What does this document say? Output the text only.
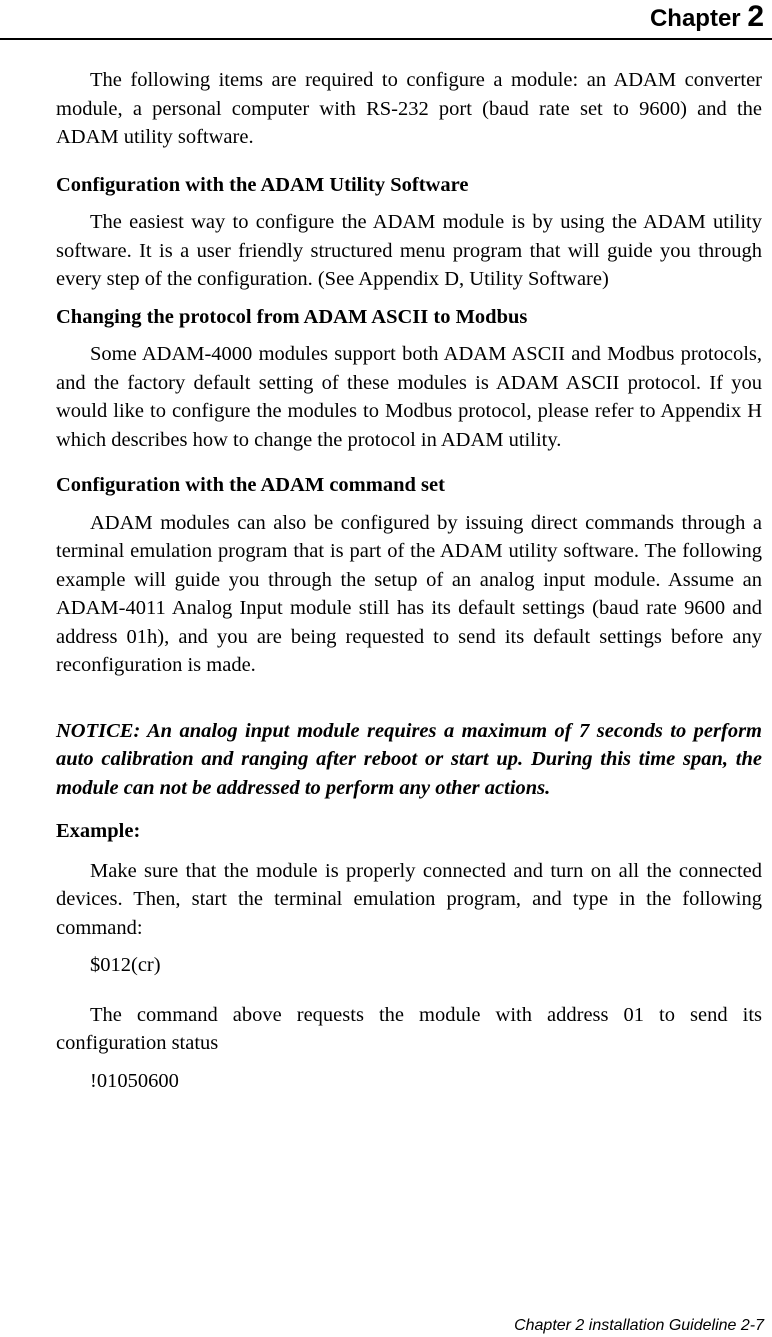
Chapter 2

The following items are required to configure a module: an ADAM converter module, a personal computer with RS-232 port (baud rate set to 9600) and the ADAM utility software.

Configuration with the ADAM Utility Software

The easiest way to configure the ADAM module is by using the ADAM utility software. It is a user friendly structured menu program that will guide you through every step of the configuration. (See Appendix D, Utility Software)

Changing the protocol from ADAM ASCII to Modbus

Some ADAM-4000 modules support both ADAM ASCII and Modbus protocols, and the factory default setting of these modules is ADAM ASCII protocol. If you would like to configure the modules to Modbus protocol, please refer to Appendix H which describes how to change the protocol in ADAM utility.

Configuration with the ADAM command set

ADAM modules can also be configured by issuing direct commands through a terminal emulation program that is part of the ADAM utility software. The following example will guide you through the setup of an analog input module. Assume an ADAM-4011 Analog Input module still has its default settings (baud rate 9600 and address 01h), and you are being requested to send its default settings before any reconfiguration is made.

NOTICE: An analog input module requires a maximum of 7 seconds to perform auto calibration and ranging after reboot or start up. During this time span, the module can not be addressed to perform any other actions.

Example:

Make sure that the module is properly connected and turn on all the connected devices. Then, start the terminal emulation program, and type in the following command:

$012(cr)

The command above requests the module with address 01 to send its configuration status

!01050600

Chapter 2 installation Guideline 2-7
